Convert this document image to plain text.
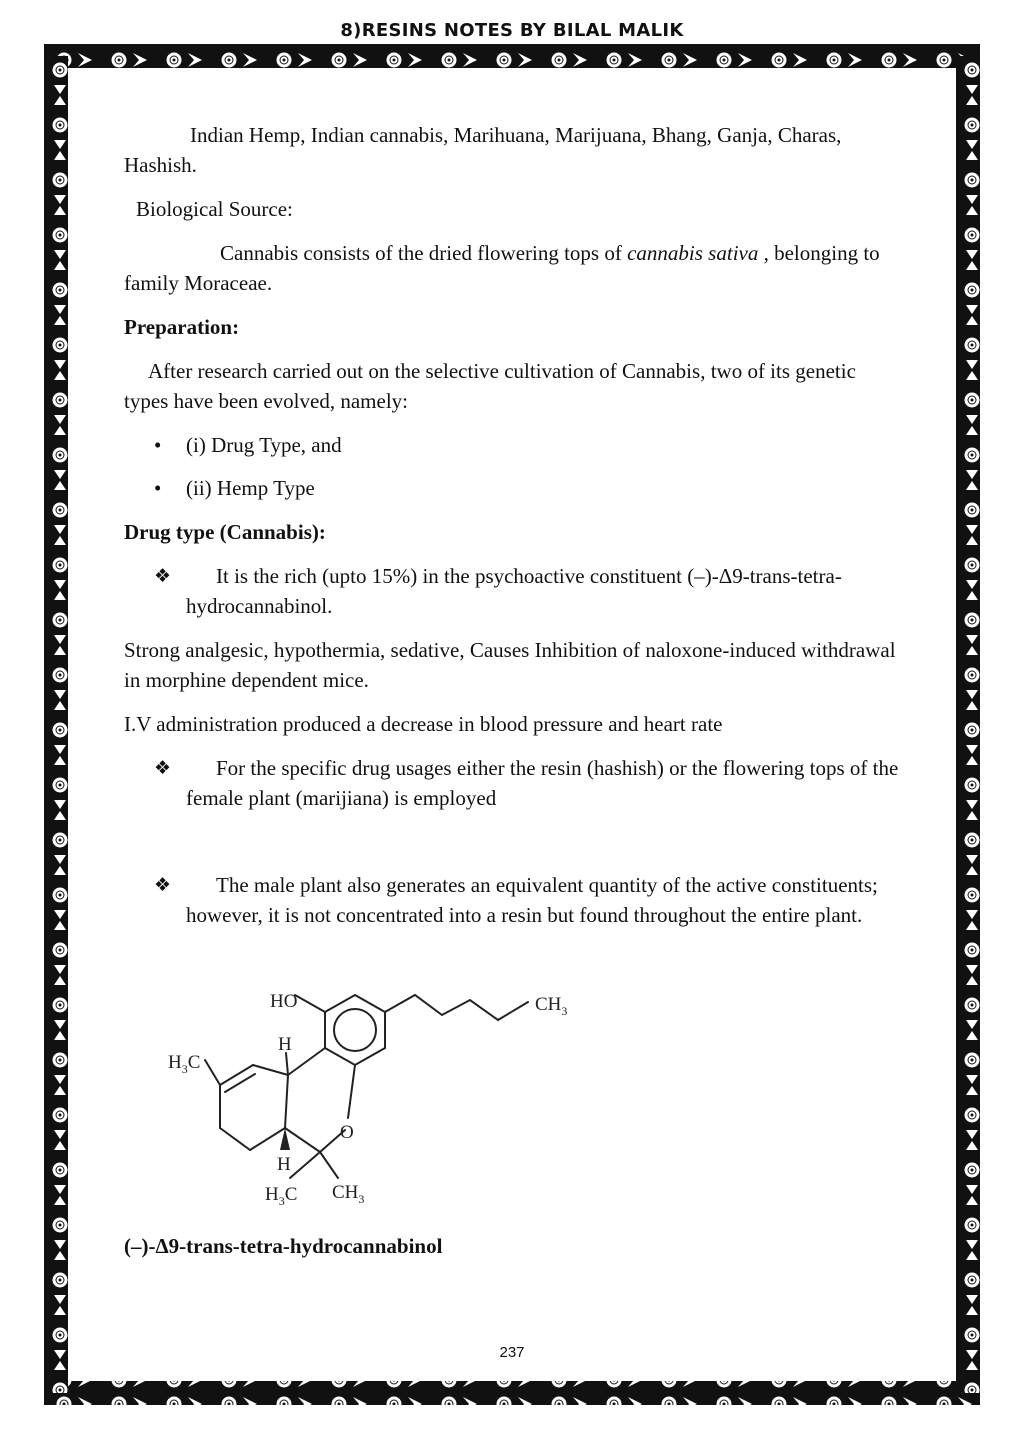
8)RESINS NOTES BY BILAL MALIK

Indian Hemp, Indian cannabis, Marihuana, Marijuana, Bhang, Ganja, Charas, Hashish.

Biological Source:

Cannabis consists of the dried flowering tops of cannabis sativa , belonging to family Moraceae.

Preparation:

After research carried out on the selective cultivation of Cannabis, two of its genetic types have been evolved, namely:

• (i) Drug Type, and

• (ii) Hemp Type

Drug type (Cannabis):

❖	It is the rich (upto 15%) in the psychoactive constituent (–)-Δ9-trans-tetra-hydrocannabinol.

Strong analgesic, hypothermia, sedative, Causes Inhibition of naloxone-induced withdrawal in morphine dependent mice.

I.V administration produced a decrease in blood pressure and heart rate

❖	For the specific drug usages either the resin (hashish) or the flowering tops of the female plant (marijiana) is employed

❖	The male plant also generates an equivalent quantity of the active constituents; however, it is not concentrated into a resin but found throughout the entire plant.

HO	$CH_3$
$H_3C$
H
O
H
$H_3C$ $CH_3$
(–)-Δ9-trans-tetra-hydrocannabinol
237
